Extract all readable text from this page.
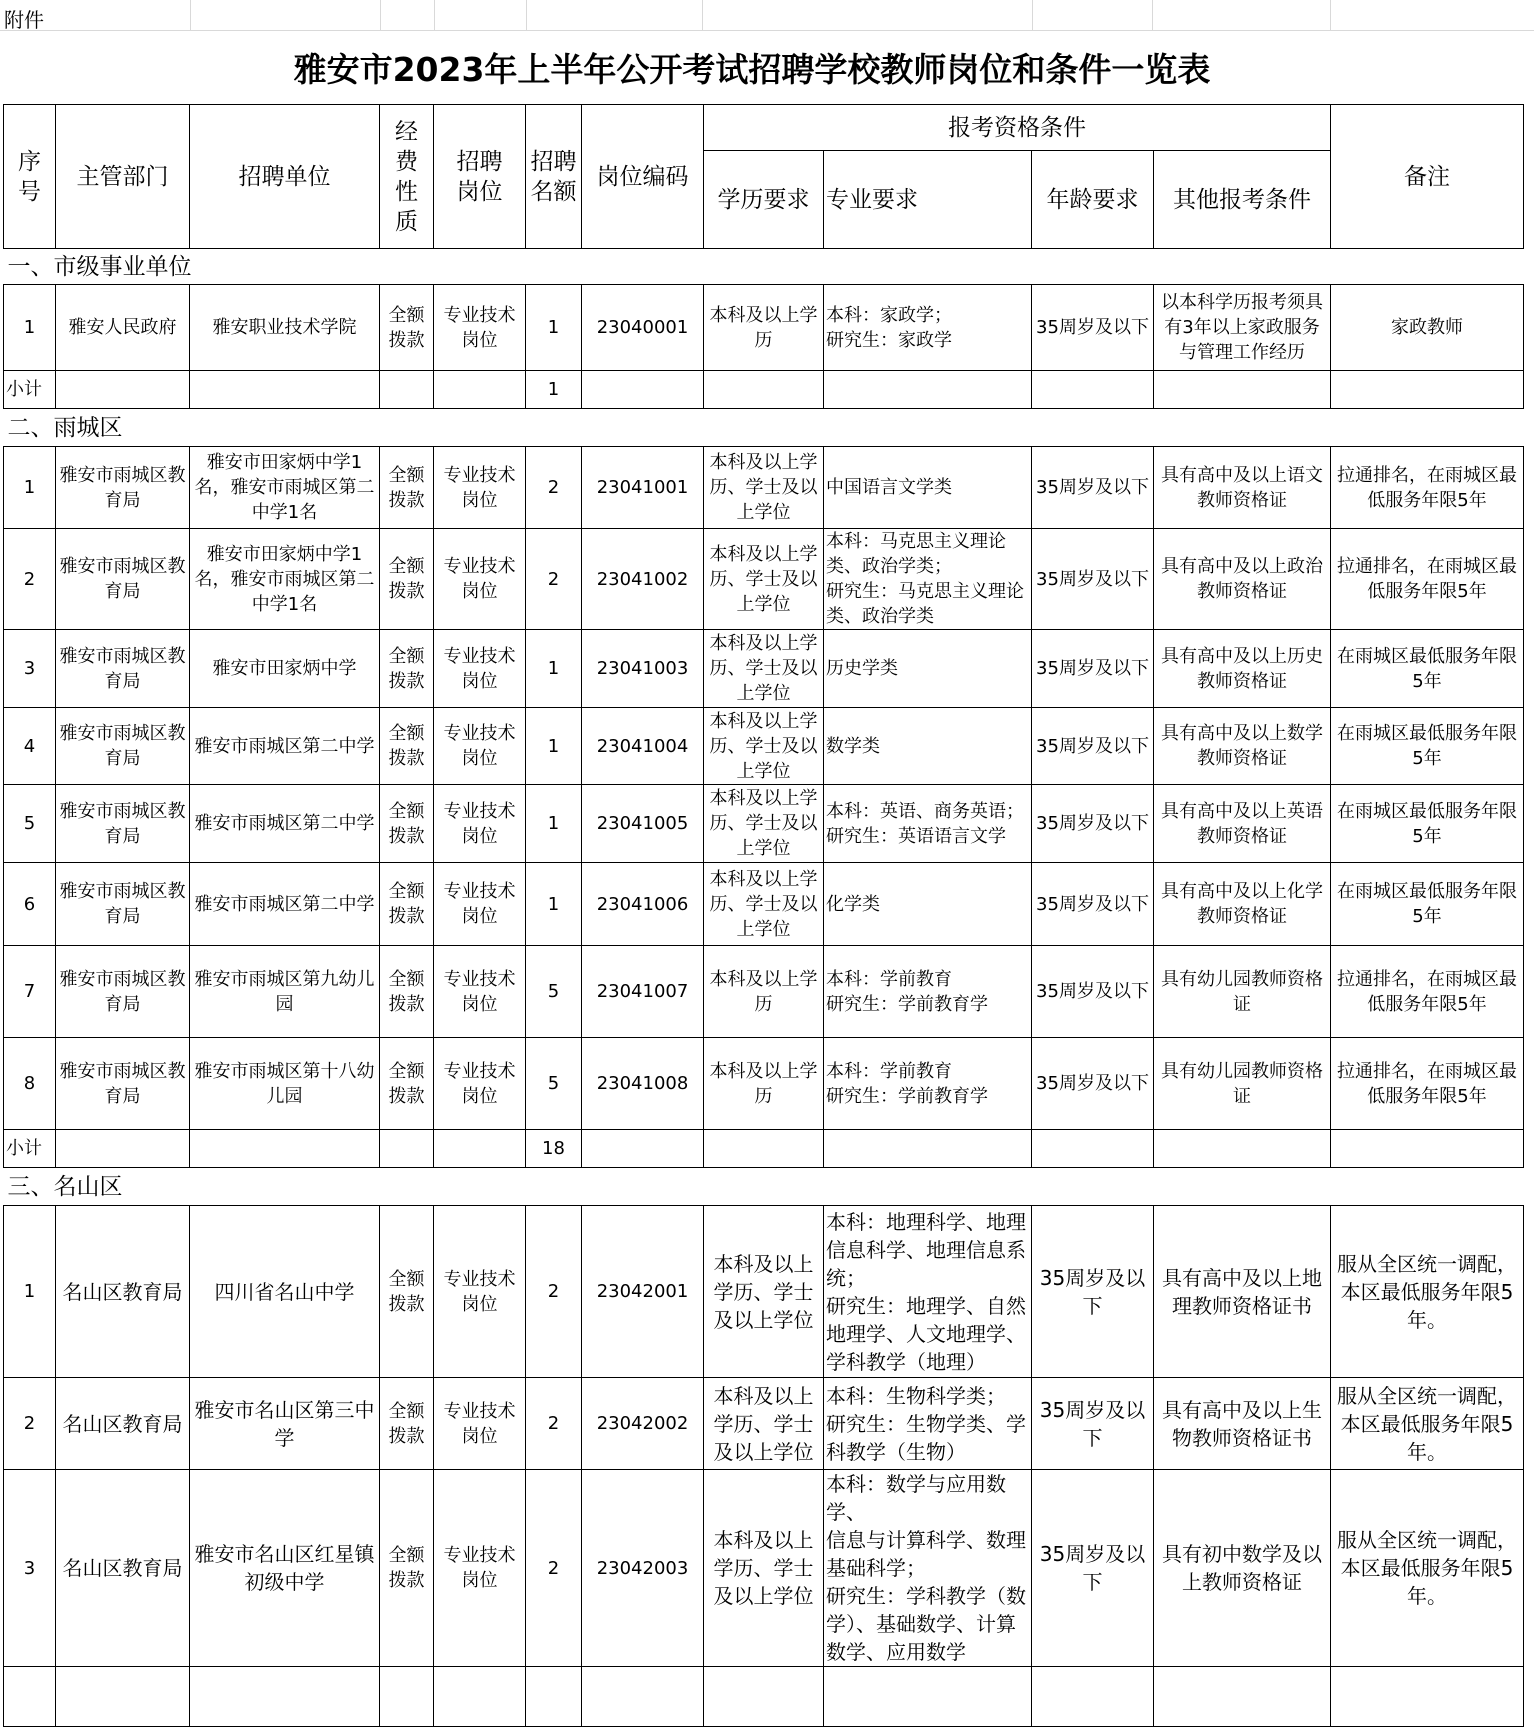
附件
雅安市2023年上半年公开考试招聘学校教师岗位和条件一览表
序号	主管部门	招聘单位	经费性质	招聘岗位	招聘名额	岗位编码	报考资格条件				备注
							学历要求	专业要求	年龄要求	其他报考条件	
一、市级事业单位											
1	雅安人民政府	雅安职业技术学院	全额拨款	专业技术岗位	1	23040001	本科及以上学历	本科：家政学；
研究生：家政学	35周岁及以下	以本科学历报考须具有3年以上家政服务与管理工作经历	家政教师
小计					1						
二、雨城区											
1	雅安市雨城区教育局	雅安市田家炳中学1名，雅安市雨城区第二中学1名	全额拨款	专业技术岗位	2	23041001	本科及以上学历、学士及以上学位	中国语言文学类	35周岁及以下	具有高中及以上语文教师资格证	拉通排名，在雨城区最低服务年限5年
2	雅安市雨城区教育局	雅安市田家炳中学1名，雅安市雨城区第二中学1名	全额拨款	专业技术岗位	2	23041002	本科及以上学历、学士及以上学位	本科：马克思主义理论类、政治学类；
研究生：马克思主义理论类、政治学类	35周岁及以下	具有高中及以上政治教师资格证	拉通排名，在雨城区最低服务年限5年
3	雅安市雨城区教育局	雅安市田家炳中学	全额拨款	专业技术岗位	1	23041003	本科及以上学历、学士及以上学位	历史学类	35周岁及以下	具有高中及以上历史教师资格证	在雨城区最低服务年限5年
4	雅安市雨城区教育局	雅安市雨城区第二中学	全额拨款	专业技术岗位	1	23041004	本科及以上学历、学士及以上学位	数学类	35周岁及以下	具有高中及以上数学教师资格证	在雨城区最低服务年限5年
5	雅安市雨城区教育局	雅安市雨城区第二中学	全额拨款	专业技术岗位	1	23041005	本科及以上学历、学士及以上学位	本科：英语、商务英语；
研究生：英语语言文学	35周岁及以下	具有高中及以上英语教师资格证	在雨城区最低服务年限5年
6	雅安市雨城区教育局	雅安市雨城区第二中学	全额拨款	专业技术岗位	1	23041006	本科及以上学历、学士及以上学位	化学类	35周岁及以下	具有高中及以上化学教师资格证	在雨城区最低服务年限5年
7	雅安市雨城区教育局	雅安市雨城区第九幼儿园	全额拨款	专业技术岗位	5	23041007	本科及以上学历	本科：学前教育
研究生：学前教育学	35周岁及以下	具有幼儿园教师资格证	拉通排名，在雨城区最低服务年限5年
8	雅安市雨城区教育局	雅安市雨城区第十八幼儿园	全额拨款	专业技术岗位	5	23041008	本科及以上学历	本科：学前教育
研究生：学前教育学	35周岁及以下	具有幼儿园教师资格证	拉通排名，在雨城区最低服务年限5年
小计					18						
三、名山区											
1	名山区教育局	四川省名山中学	全额拨款	专业技术岗位	2	23042001	本科及以上学历、学士及以上学位	本科：地理科学、地理信息科学、地理信息系统；
研究生：地理学、自然地理学、人文地理学、学科教学（地理）	35周岁及以下	具有高中及以上地理教师资格证书	服从全区统一调配，本区最低服务年限5年。
2	名山区教育局	雅安市名山区第三中学	全额拨款	专业技术岗位	2	23042002	本科及以上学历、学士及以上学位	本科：生物科学类；
研究生：生物学类、学科教学（生物）	35周岁及以下	具有高中及以上生物教师资格证书	服从全区统一调配，本区最低服务年限5年。
3	名山区教育局	雅安市名山区红星镇初级中学	全额拨款	专业技术岗位	2	23042003	本科及以上学历、学士及以上学位	本科：数学与应用数学、
信息与计算科学、数理基础科学；
研究生：学科教学（数学）、基础数学、计算数学、应用数学	35周岁及以下	具有初中数学及以上教师资格证	服从全区统一调配，本区最低服务年限5年。
